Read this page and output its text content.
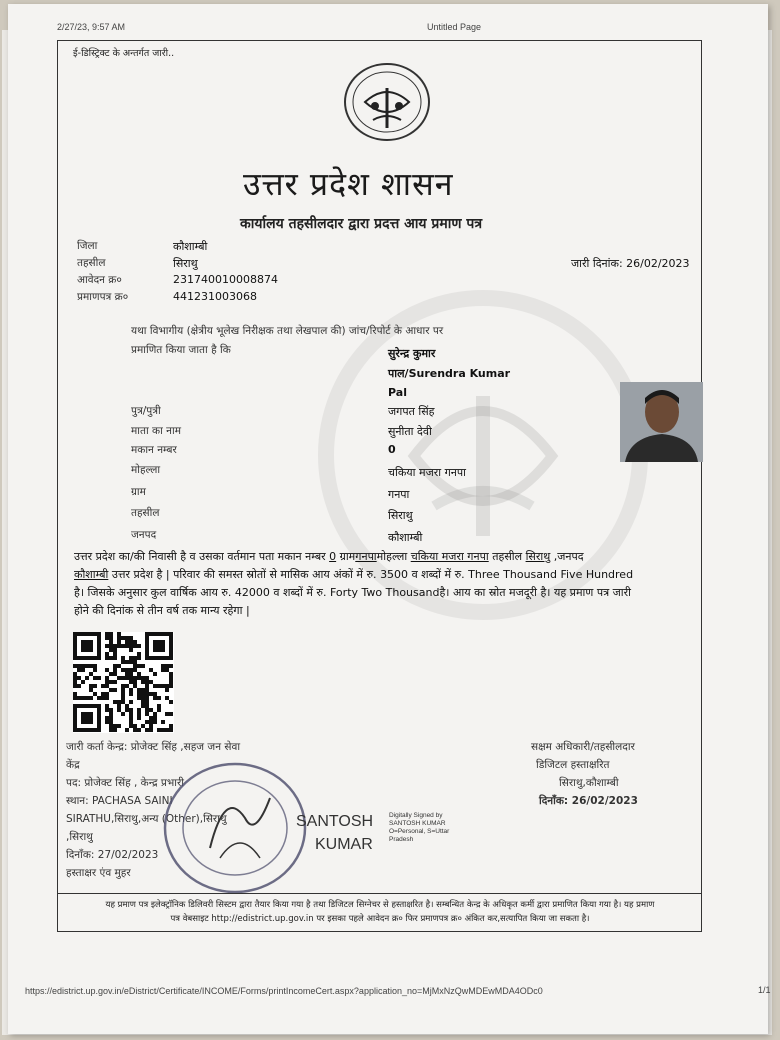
2/27/23, 9:57 AM	Untitled Page
ई-डिस्ट्रिक्ट के अन्तर्गत जारी..
उत्तर प्रदेश शासन
कार्यालय तहसीलदार द्वारा प्रदत्त आय प्रमाण पत्र
जिला	कौशाम्बी
तहसील	सिराथु
आवेदन क्र०	231740010008874
प्रमाणपत्र क्र०	441231003068
जारी दिनांक: 26/02/2023
यथा विभागीय (क्षेत्रीय भूलेख निरीक्षक तथा लेखपाल की) जांच/रिपोर्ट के आधार पर
प्रमाणित किया जाता है कि	सुरेन्द्र कुमार
पाल/Surendra Kumar
Pal
पुत्र/पुत्री	जगपत सिंह
माता का नाम	सुनीता देवी
मकान नम्बर	0
मोहल्ला	चकिया मजरा गनपा
ग्राम	गनपा
तहसील	सिराथु
जनपद	कौशाम्बी
उत्तर प्रदेश का/की निवासी है व उसका वर्तमान पता मकान नम्बर 0 ग्रामगनपामोहल्ला चकिया मजरा गनपा तहसील सिराथु ,जनपद
कौशाम्बी उत्तर प्रदेश है | परिवार की समस्त स्रोतों से मासिक आय अंकों में रु. 3500 व शब्दों में रु. Three Thousand Five Hundred
है। जिसके अनुसार कुल वार्षिक आय रु. 42000 व शब्दों में रु. Forty Two Thousandहै। आय का स्रोत मजदूरी है। यह प्रमाण पत्र जारी
होने की दिनांक से तीन वर्ष तक मान्य रहेगा |
जारी कर्ता केन्द्र: प्रोजेक्ट सिंह ,सहज जन सेवा
केंद्र
पद: प्रोजेक्ट सिंह , केन्द्र प्रभारी
स्थान: PACHASA SAINI
SIRATHU,सिराथु,अन्य (Other),सिराथु
,सिराथु
दिनाँक: 27/02/2023
हस्ताक्षर एंव मुहर
SANTOSH
KUMAR
Digitally Signed by
SANTOSH KUMAR
O=Personal, S=Uttar
Pradesh
सक्षम अधिकारी/तहसीलदार
डिजिटल हस्ताक्षरित
सिराथु,कौशाम्बी
दिनाँक: 26/02/2023
यह प्रमाण पत्र इलेक्ट्रॉनिक डिलिवरी सिस्टम द्वारा तैयार किया गया है तथा डिजिटल सिग्नेचर से हस्ताक्षरित है। सम्बन्धित केन्द्र के अधिकृत कर्मी द्वारा प्रमाणित किया गया है। यह प्रमाण
पत्र वेबसाइट http://edistrict.up.gov.in पर इसका पहले आवेदन क्र० फिर प्रमाणपत्र क्र० अंकित कर,सत्यापित किया जा सकता है।
https://edistrict.up.gov.in/eDistrict/Certificate/INCOME/Forms/printIncomeCert.aspx?application_no=MjMxNzQwMDEwMDA4ODc0	1/1
